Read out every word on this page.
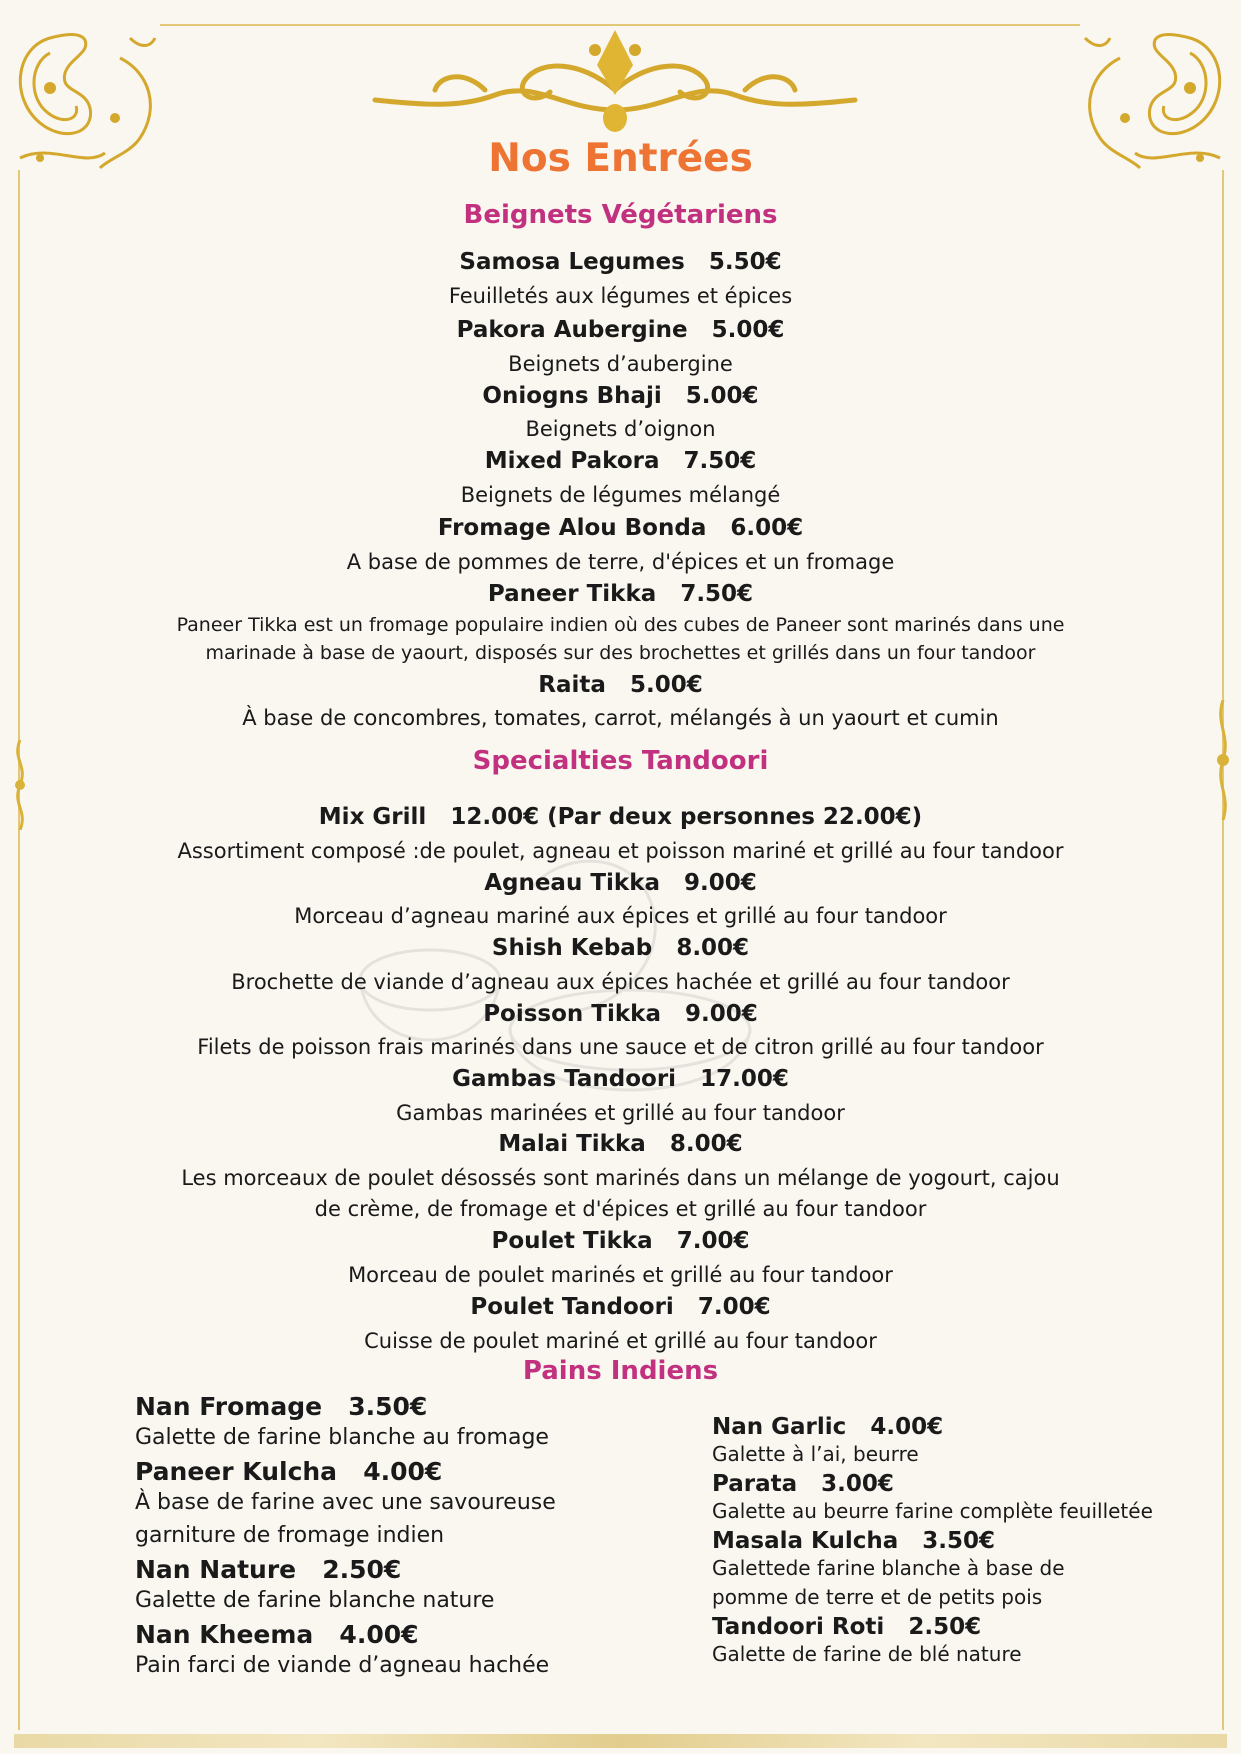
Nos Entrées
Beignets Végétariens
Samosa Legumes 5.50€
Feuilletés aux légumes et épices
Pakora Aubergine 5.00€
Beignets d’aubergine
Oniogns Bhaji 5.00€
Beignets d’oignon
Mixed Pakora 7.50€
Beignets de légumes mélangé
Fromage Alou Bonda 6.00€
A base de pommes de terre, d'épices et un fromage
Paneer Tikka 7.50€
Paneer Tikka est un fromage populaire indien où des cubes de Paneer sont marinés dans une
marinade à base de yaourt, disposés sur des brochettes et grillés dans un four tandoor
Raita 5.00€
À base de concombres, tomates, carrot, mélangés à un yaourt et cumin
Specialties Tandoori
Mix Grill 12.00€ (Par deux personnes 22.00€)
Assortiment composé :de poulet, agneau et poisson mariné et grillé au four tandoor
Agneau Tikka 9.00€
Morceau d’agneau mariné aux épices et grillé au four tandoor
Shish Kebab 8.00€
Brochette de viande d’agneau aux épices hachée et grillé au four tandoor
Poisson Tikka 9.00€
Filets de poisson frais marinés dans une sauce et de citron grillé au four tandoor
Gambas Tandoori 17.00€
Gambas marinées et grillé au four tandoor
Malai Tikka 8.00€
Les morceaux de poulet désossés sont marinés dans un mélange de yogourt, cajou
de crème, de fromage et d'épices et grillé au four tandoor
Poulet Tikka 7.00€
Morceau de poulet marinés et grillé au four tandoor
Poulet Tandoori 7.00€
Cuisse de poulet mariné et grillé au four tandoor
Pains Indiens
Nan Fromage 3.50€
Galette de farine blanche au fromage
Paneer Kulcha 4.00€
À base de farine avec une savoureuse garniture de fromage indien
Nan Nature 2.50€
Galette de farine blanche nature
Nan Kheema 4.00€
Pain farci de viande d’agneau hachée
Nan Garlic 4.00€
Galette à l’ai, beurre
Parata 3.00€
Galette au beurre farine complète feuilletée
Masala Kulcha 3.50€
Galettede farine blanche à base de pomme de terre et de petits pois
Tandoori Roti 2.50€
Galette de farine de blé nature
